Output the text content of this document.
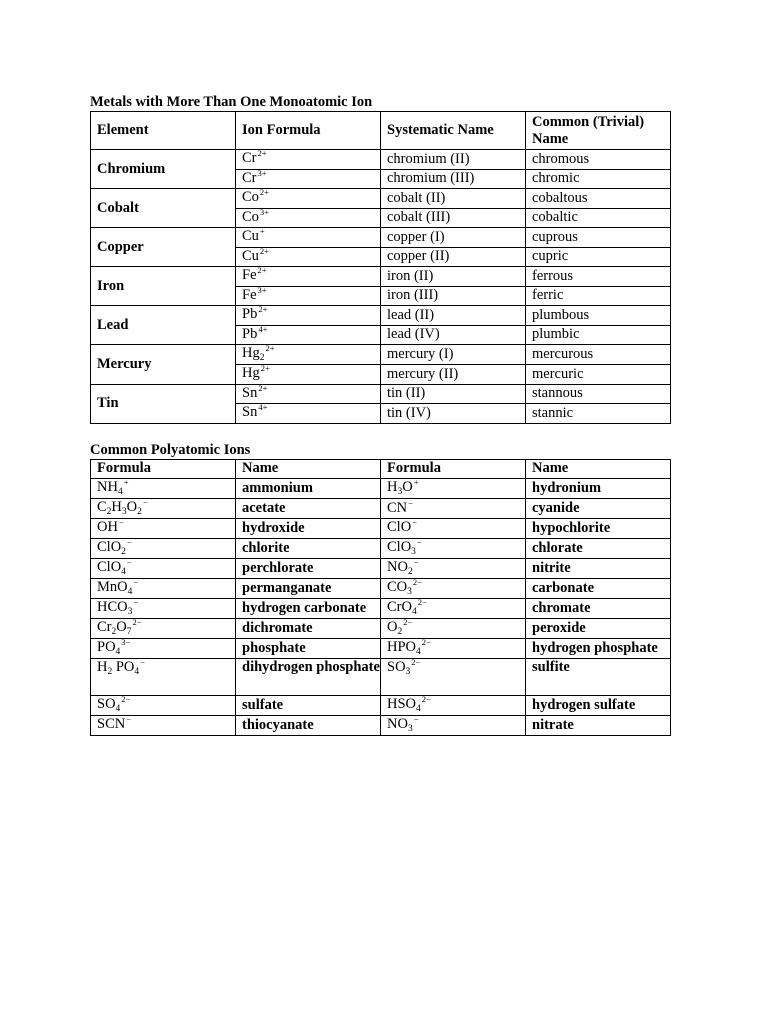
Metals with More Than One Monoatomic Ion
Element	Ion Formula	Systematic Name	Common (Trivial) Name
Chromium	$Cr^{2+}$	chromium (II)	chromous
	$Cr^{3+}$	chromium (III)	chromic
Cobalt	$Co^{2+}$	cobalt (II)	cobaltous
	$Co^{3+}$	cobalt (III)	cobaltic
Copper	Cu+	copper (I)	cuprous
	$Cu^{2+}$	copper (II)	cupric
Iron	$Fe^{2+}$	iron (II)	ferrous
	$Fe^{3+}$	iron (III)	ferric
Lead	$Pb^{2+}$	lead (II)	plumbous
	$Pb^{4+}$	lead (IV)	plumbic
Mercury	$Hg_2^{2+}$	mercury (I)	mercurous
	$Hg^{2+}$	mercury (II)	mercuric
Tin	$Sn^{2+}$	tin (II)	stannous
	$Sn^{4+}$	tin (IV)	stannic
Common Polyatomic Ions
Formula	Name	Formula	Name
$NH_4^+$	ammonium	$H_3O^+$	hydronium
$C_2H_3O_2^-$	acetate	CN−	cyanide
OH−	hydroxide	ClO−	hypochlorite
ClO$_2$−	chlorite	ClO$_3$−	chlorate
ClO$_4$−	perchlorate	$NO_2^-$	nitrite
MnO$_4$−	permanganate	$CO_3^{2-}$	carbonate
$HCO_3^-$	hydrogen carbonate	CrO$_4^{2-}$	chromate
$Cr_2O_7^{2-}$	dichromate	$O_2^{2-}$	peroxide
$PO_4^{3-}$	phosphate	$HPO_4^{2-}$	hydrogen phosphate
$H_2$ $PO_4^-$	dihydrogen phosphate	$SO_3^{2-}$	sulfite
$SO_4^{2-}$	sulfate	$HSO_4^{2-}$	hydrogen sulfate
SCN−	thiocyanate	$NO_3^-$	nitrate
